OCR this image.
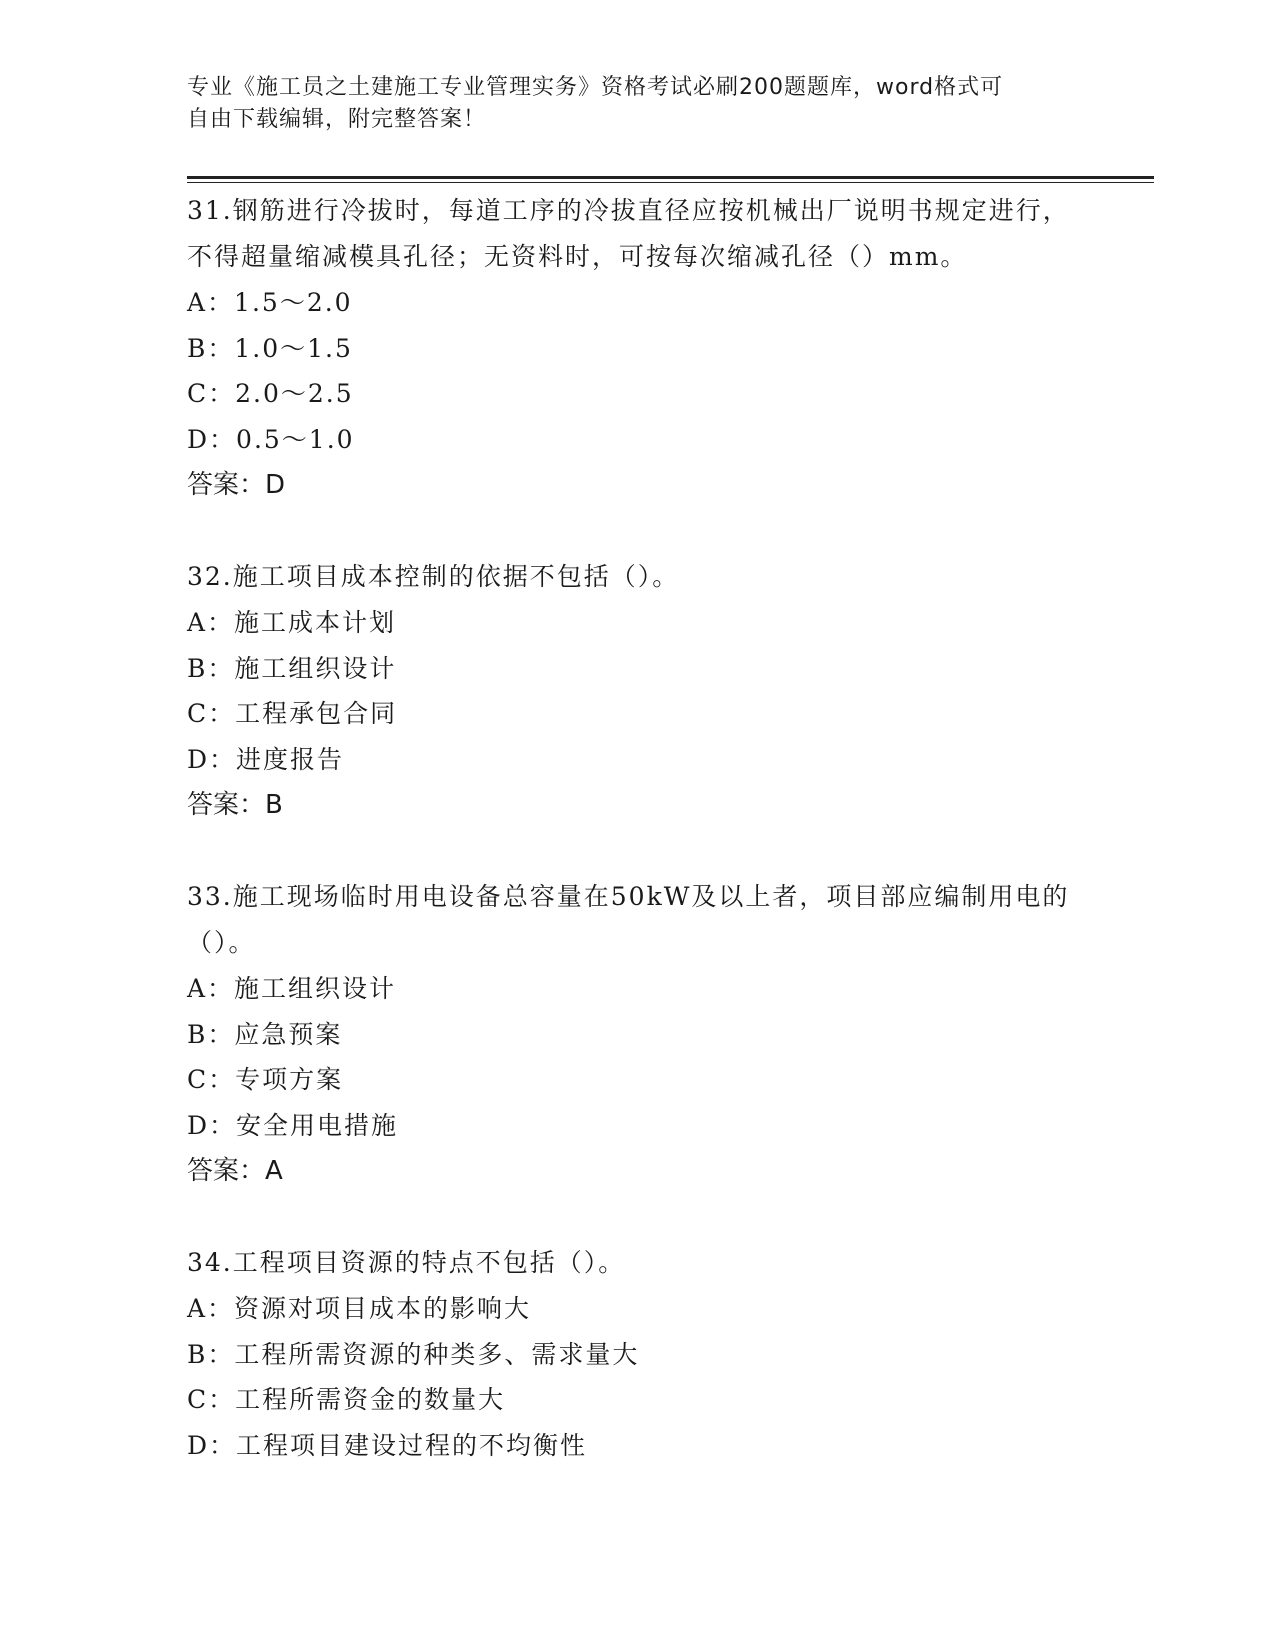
专业《施工员之土建施工专业管理实务》资格考试必刷200题题库，word格式可
自由下载编辑，附完整答案！

31.钢筋进行冷拔时，每道工序的冷拔直径应按机械出厂说明书规定进行，不得超量缩减模具孔径；无资料时，可按每次缩减孔径（）mm。

A：1.5～2.0

B：1.0～1.5

C：2.0～2.5

D：0.5～1.0

答案：D

32.施工项目成本控制的依据不包括（）。

A：施工成本计划

B：施工组织设计

C：工程承包合同

D：进度报告

答案：B

33.施工现场临时用电设备总容量在50kW及以上者，项目部应编制用电的（）。

A：施工组织设计

B：应急预案

C：专项方案

D：安全用电措施

答案：A

34.工程项目资源的特点不包括（）。

A：资源对项目成本的影响大

B：工程所需资源的种类多、需求量大

C：工程所需资金的数量大

D：工程项目建设过程的不均衡性
